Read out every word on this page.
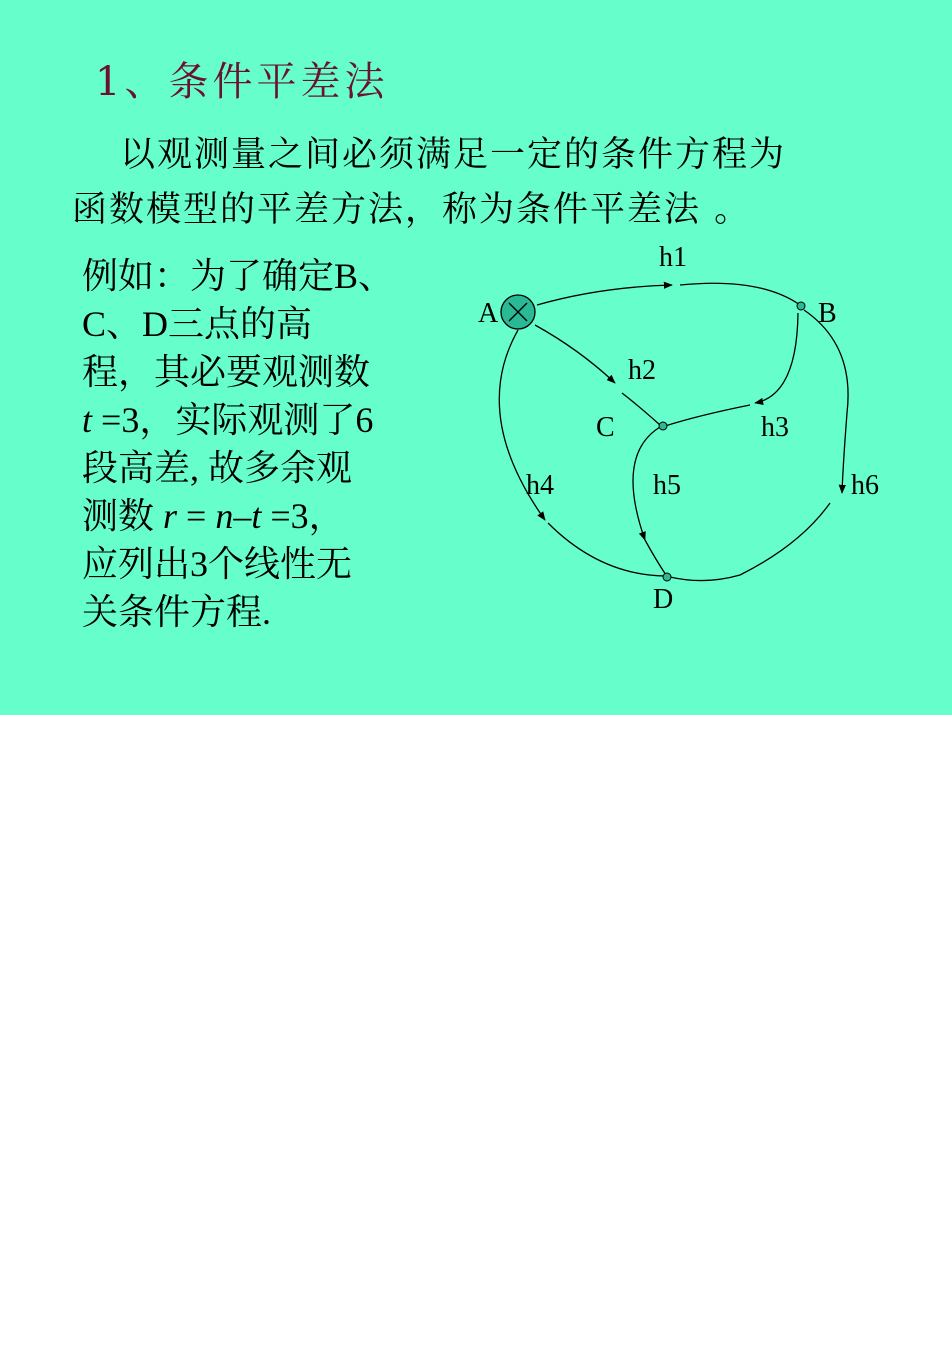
1、条件平差法
以观测量之间必须满足一定的条件方程为
函数模型的平差方法，称为条件平差法 。
例如：为了确定B、
C、D三点的高
程，其必要观测数
t =3，实际观测了6
段高差, 故多余观
测数 r = n–t =3，
应列出3个线性无
关条件方程.
A	B
C
D
h1
h2
h3
h4	h5	h6
